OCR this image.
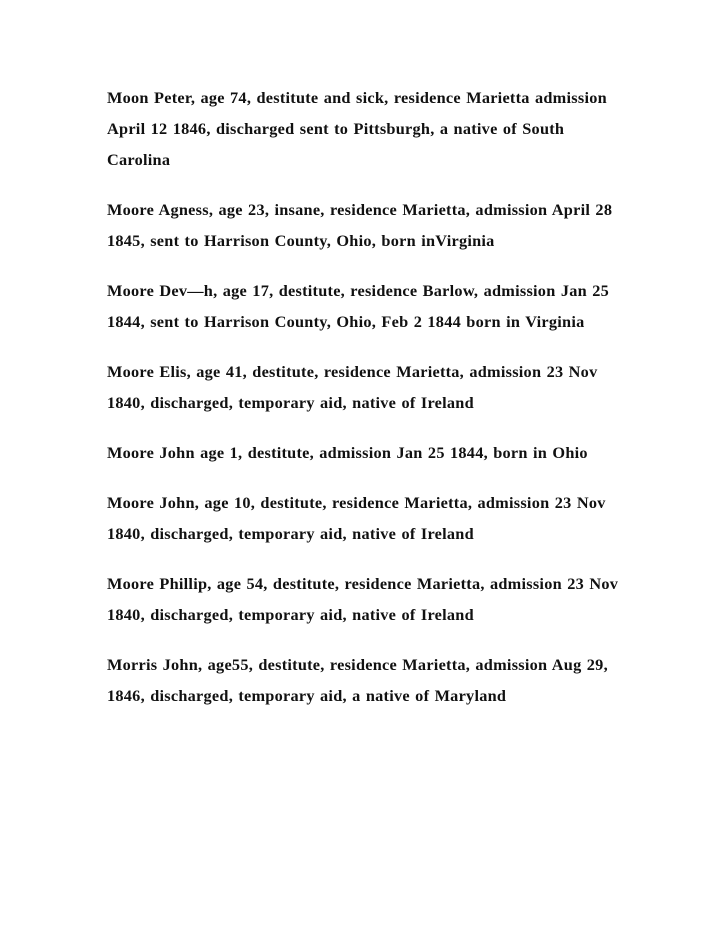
Moon Peter, age 74, destitute and sick, residence Marietta admission April 12 1846, discharged sent to Pittsburgh, a native of South Carolina

Moore Agness, age 23, insane, residence Marietta, admission April 28 1845, sent to Harrison County, Ohio, born inVirginia

Moore Dev—h, age 17, destitute, residence Barlow, admission Jan 25 1844, sent to Harrison County, Ohio, Feb 2 1844 born in Virginia

Moore Elis, age 41, destitute, residence Marietta, admission 23 Nov 1840, discharged, temporary aid, native of Ireland

Moore John age 1, destitute, admission Jan 25 1844, born in Ohio

Moore John, age 10, destitute, residence Marietta, admission 23 Nov 1840, discharged, temporary aid, native of Ireland

Moore Phillip, age 54, destitute, residence Marietta, admission 23 Nov 1840, discharged, temporary aid, native of Ireland

Morris John, age55, destitute, residence Marietta, admission Aug 29, 1846, discharged, temporary aid, a native of Maryland
